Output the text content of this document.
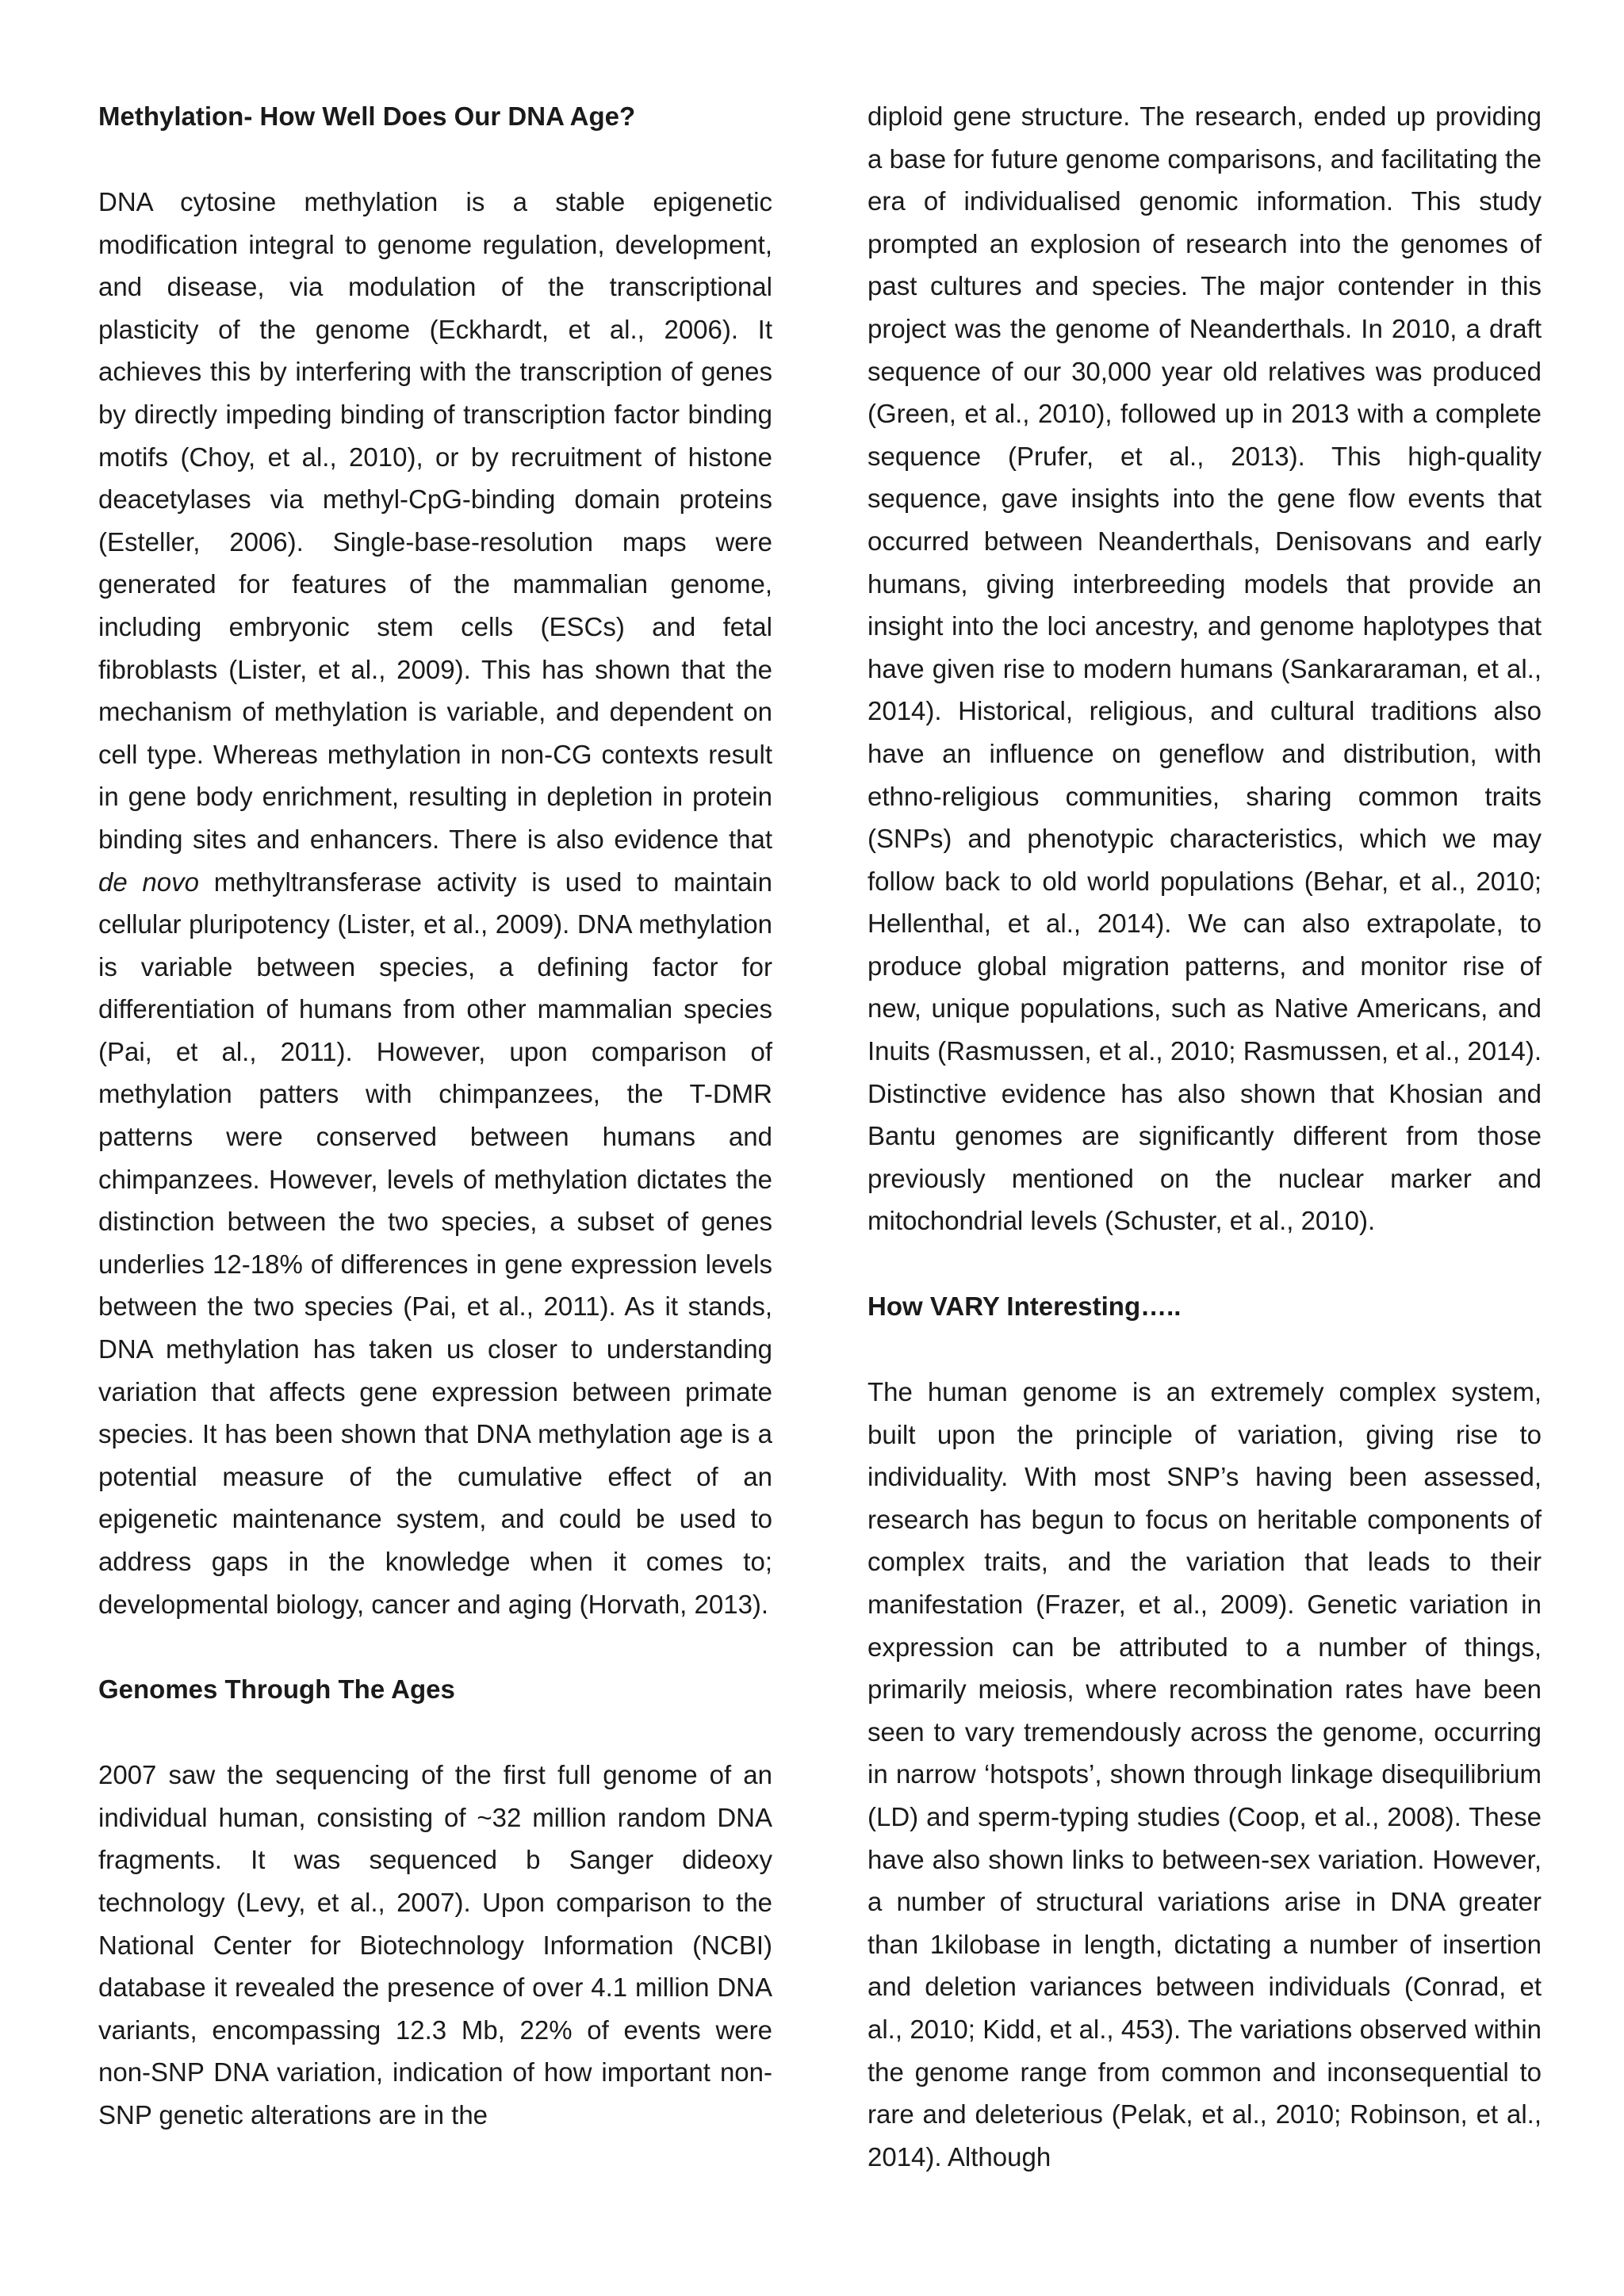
Methylation- How Well Does Our DNA Age?

DNA cytosine methylation is a stable epigenetic modification integral to genome regulation, development, and disease, via modulation of the transcriptional plasticity of the genome (Eckhardt, et al., 2006). It achieves this by interfering with the transcription of genes by directly impeding binding of transcription factor binding motifs (Choy, et al., 2010), or by recruitment of histone deacetylases via methyl-CpG-binding domain proteins (Esteller, 2006). Single-base-resolution maps were generated for features of the mammalian genome, including embryonic stem cells (ESCs) and fetal fibroblasts (Lister, et al., 2009). This has shown that the mechanism of methylation is variable, and dependent on cell type. Whereas methylation in non-CG contexts result in gene body enrichment, resulting in depletion in protein binding sites and enhancers. There is also evidence that de novo methyltransferase activity is used to maintain cellular pluripotency (Lister, et al., 2009). DNA methylation is variable between species, a defining factor for differentiation of humans from other mammalian species (Pai, et al., 2011). However, upon comparison of methylation patters with chimpanzees, the T-DMR patterns were conserved between humans and chimpanzees. However, levels of methylation dictates the distinction between the two species, a subset of genes underlies 12-18% of differences in gene expression levels between the two species (Pai, et al., 2011). As it stands, DNA methylation has taken us closer to understanding variation that affects gene expression between primate species. It has been shown that DNA methylation age is a potential measure of the cumulative effect of an epigenetic maintenance system, and could be used to address gaps in the knowledge when it comes to; developmental biology, cancer and aging (Horvath, 2013).

Genomes Through The Ages

2007 saw the sequencing of the first full genome of an individual human, consisting of ~32 million random DNA fragments. It was sequenced b Sanger dideoxy technology (Levy, et al., 2007). Upon comparison to the National Center for Biotechnology Information (NCBI) database it revealed the presence of over 4.1 million DNA variants, encompassing 12.3 Mb, 22% of events were non-SNP DNA variation, indication of how important non-SNP genetic alterations are in the

diploid gene structure. The research, ended up providing a base for future genome comparisons, and facilitating the era of individualised genomic information. This study prompted an explosion of research into the genomes of past cultures and species. The major contender in this project was the genome of Neanderthals. In 2010, a draft sequence of our 30,000 year old relatives was produced (Green, et al., 2010), followed up in 2013 with a complete sequence (Prufer, et al., 2013). This high-quality sequence, gave insights into the gene flow events that occurred between Neanderthals, Denisovans and early humans, giving interbreeding models that provide an insight into the loci ancestry, and genome haplotypes that have given rise to modern humans (Sankararaman, et al., 2014). Historical, religious, and cultural traditions also have an influence on geneflow and distribution, with ethno-religious communities, sharing common traits (SNPs) and phenotypic characteristics, which we may follow back to old world populations (Behar, et al., 2010; Hellenthal, et al., 2014). We can also extrapolate, to produce global migration patterns, and monitor rise of new, unique populations, such as Native Americans, and Inuits (Rasmussen, et al., 2010; Rasmussen, et al., 2014). Distinctive evidence has also shown that Khosian and Bantu genomes are significantly different from those previously mentioned on the nuclear marker and mitochondrial levels (Schuster, et al., 2010).

How VARY Interesting…..

The human genome is an extremely complex system, built upon the principle of variation, giving rise to individuality. With most SNP’s having been assessed, research has begun to focus on heritable components of complex traits, and the variation that leads to their manifestation (Frazer, et al., 2009). Genetic variation in expression can be attributed to a number of things, primarily meiosis, where recombination rates have been seen to vary tremendously across the genome, occurring in narrow ‘hotspots’, shown through linkage disequilibrium (LD) and sperm-typing studies (Coop, et al., 2008). These have also shown links to between-sex variation. However, a number of structural variations arise in DNA greater than 1kilobase in length, dictating a number of insertion and deletion variances between individuals (Conrad, et al., 2010; Kidd, et al., 453). The variations observed within the genome range from common and inconsequential to rare and deleterious (Pelak, et al., 2010; Robinson, et al., 2014). Although
